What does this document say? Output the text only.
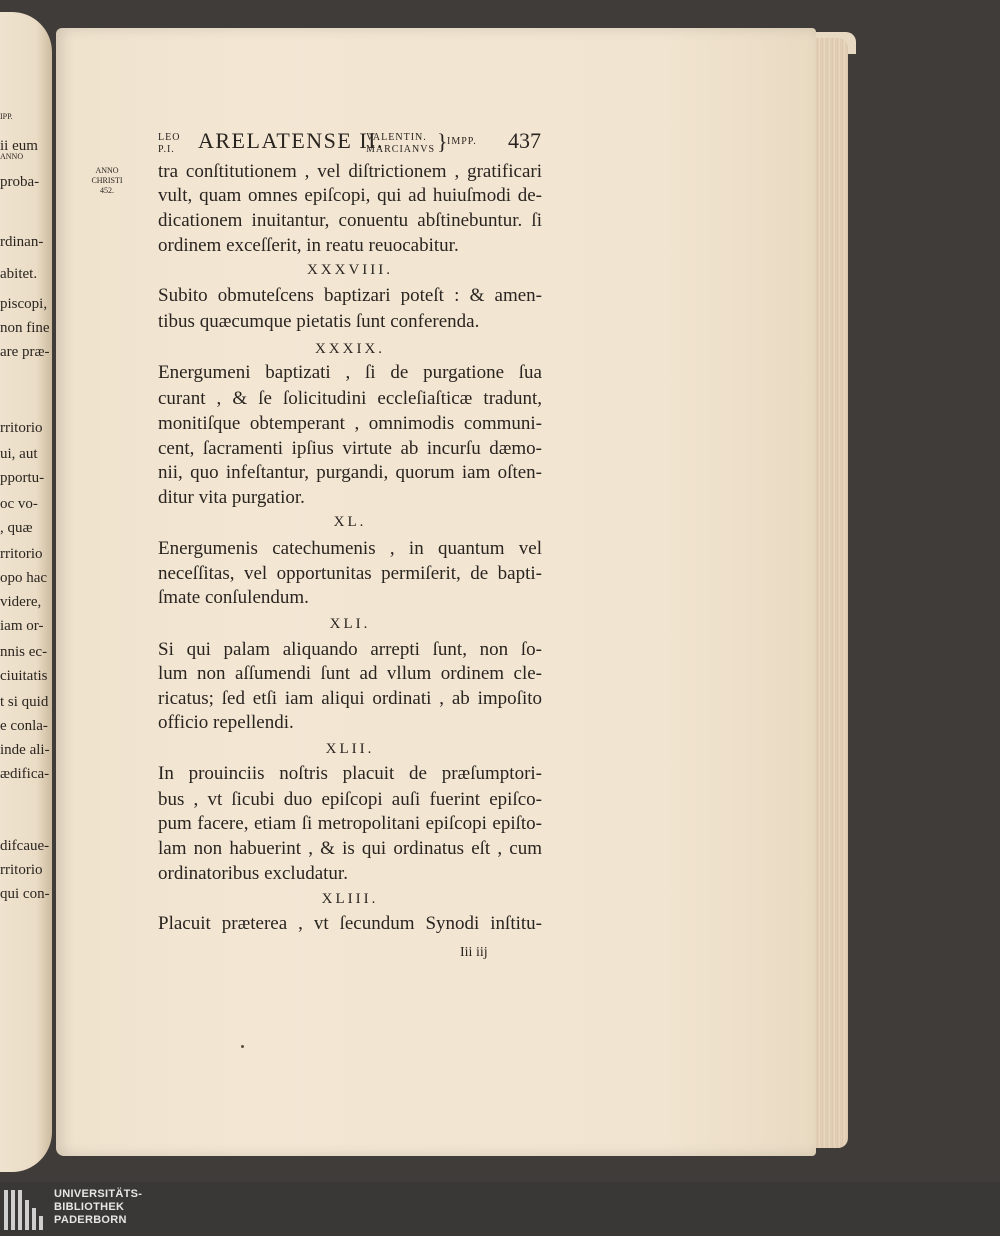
IPP.
ii eum
ANNO
proba-
rdinan-
abitet.
piscopi,
non fine
are præ-
rritorio
ui, aut
pportu-
oc vo-
, quæ
rritorio
opo hac
videre,
iam or-
nnis ec-
ciuitatis
t si quid
e conla-
inde ali-
ædifica-
difcaue-
rritorio
qui con-
LEO
P.I. ARELATENSE II.
VALENTIN.
MARCIANVS } IMPP. 437
ANNO
CHRISTI
452.
tra conſtitutionem , vel diſtrictionem , gratificari
vult, quam omnes epiſcopi, qui ad huiuſmodi de-
dicationem inuitantur, conuentu abſtinebuntur. ſi
ordinem exceſſerit, in reatu reuocabitur.
XXXVIII.
Subito obmuteſcens baptizari poteſt : & amen-
tibus quæcumque pietatis ſunt conferenda.
XXXIX.
Energumeni baptizati , ſi de purgatione ſua
curant , & ſe ſolicitudini eccleſiaſticæ tradunt,
monitiſque obtemperant , omnimodis communi-
cent, ſacramenti ipſius virtute ab incurſu dæmo-
nii, quo infeſtantur, purgandi, quorum iam oſten-
ditur vita purgatior.
XL.
Energumenis catechumenis , in quantum vel
neceſſitas, vel opportunitas permiſerit, de bapti-
ſmate conſulendum.
XLI.
Si qui palam aliquando arrepti ſunt, non ſo-
lum non aſſumendi ſunt ad vllum ordinem cle-
ricatus; ſed etſi iam aliqui ordinati , ab impoſito
officio repellendi.
XLII.
In prouinciis noſtris placuit de præſumptori-
bus , vt ſicubi duo epiſcopi auſi fuerint epiſco-
pum facere, etiam ſi metropolitani epiſcopi epiſto-
lam non habuerint , & is qui ordinatus eſt , cum
ordinatoribus excludatur.
XLIII.
Placuit præterea , vt ſecundum Synodi inſtitu-
Iii iij
UNIVERSITÄTS-
BIBLIOTHEK
PADERBORN
